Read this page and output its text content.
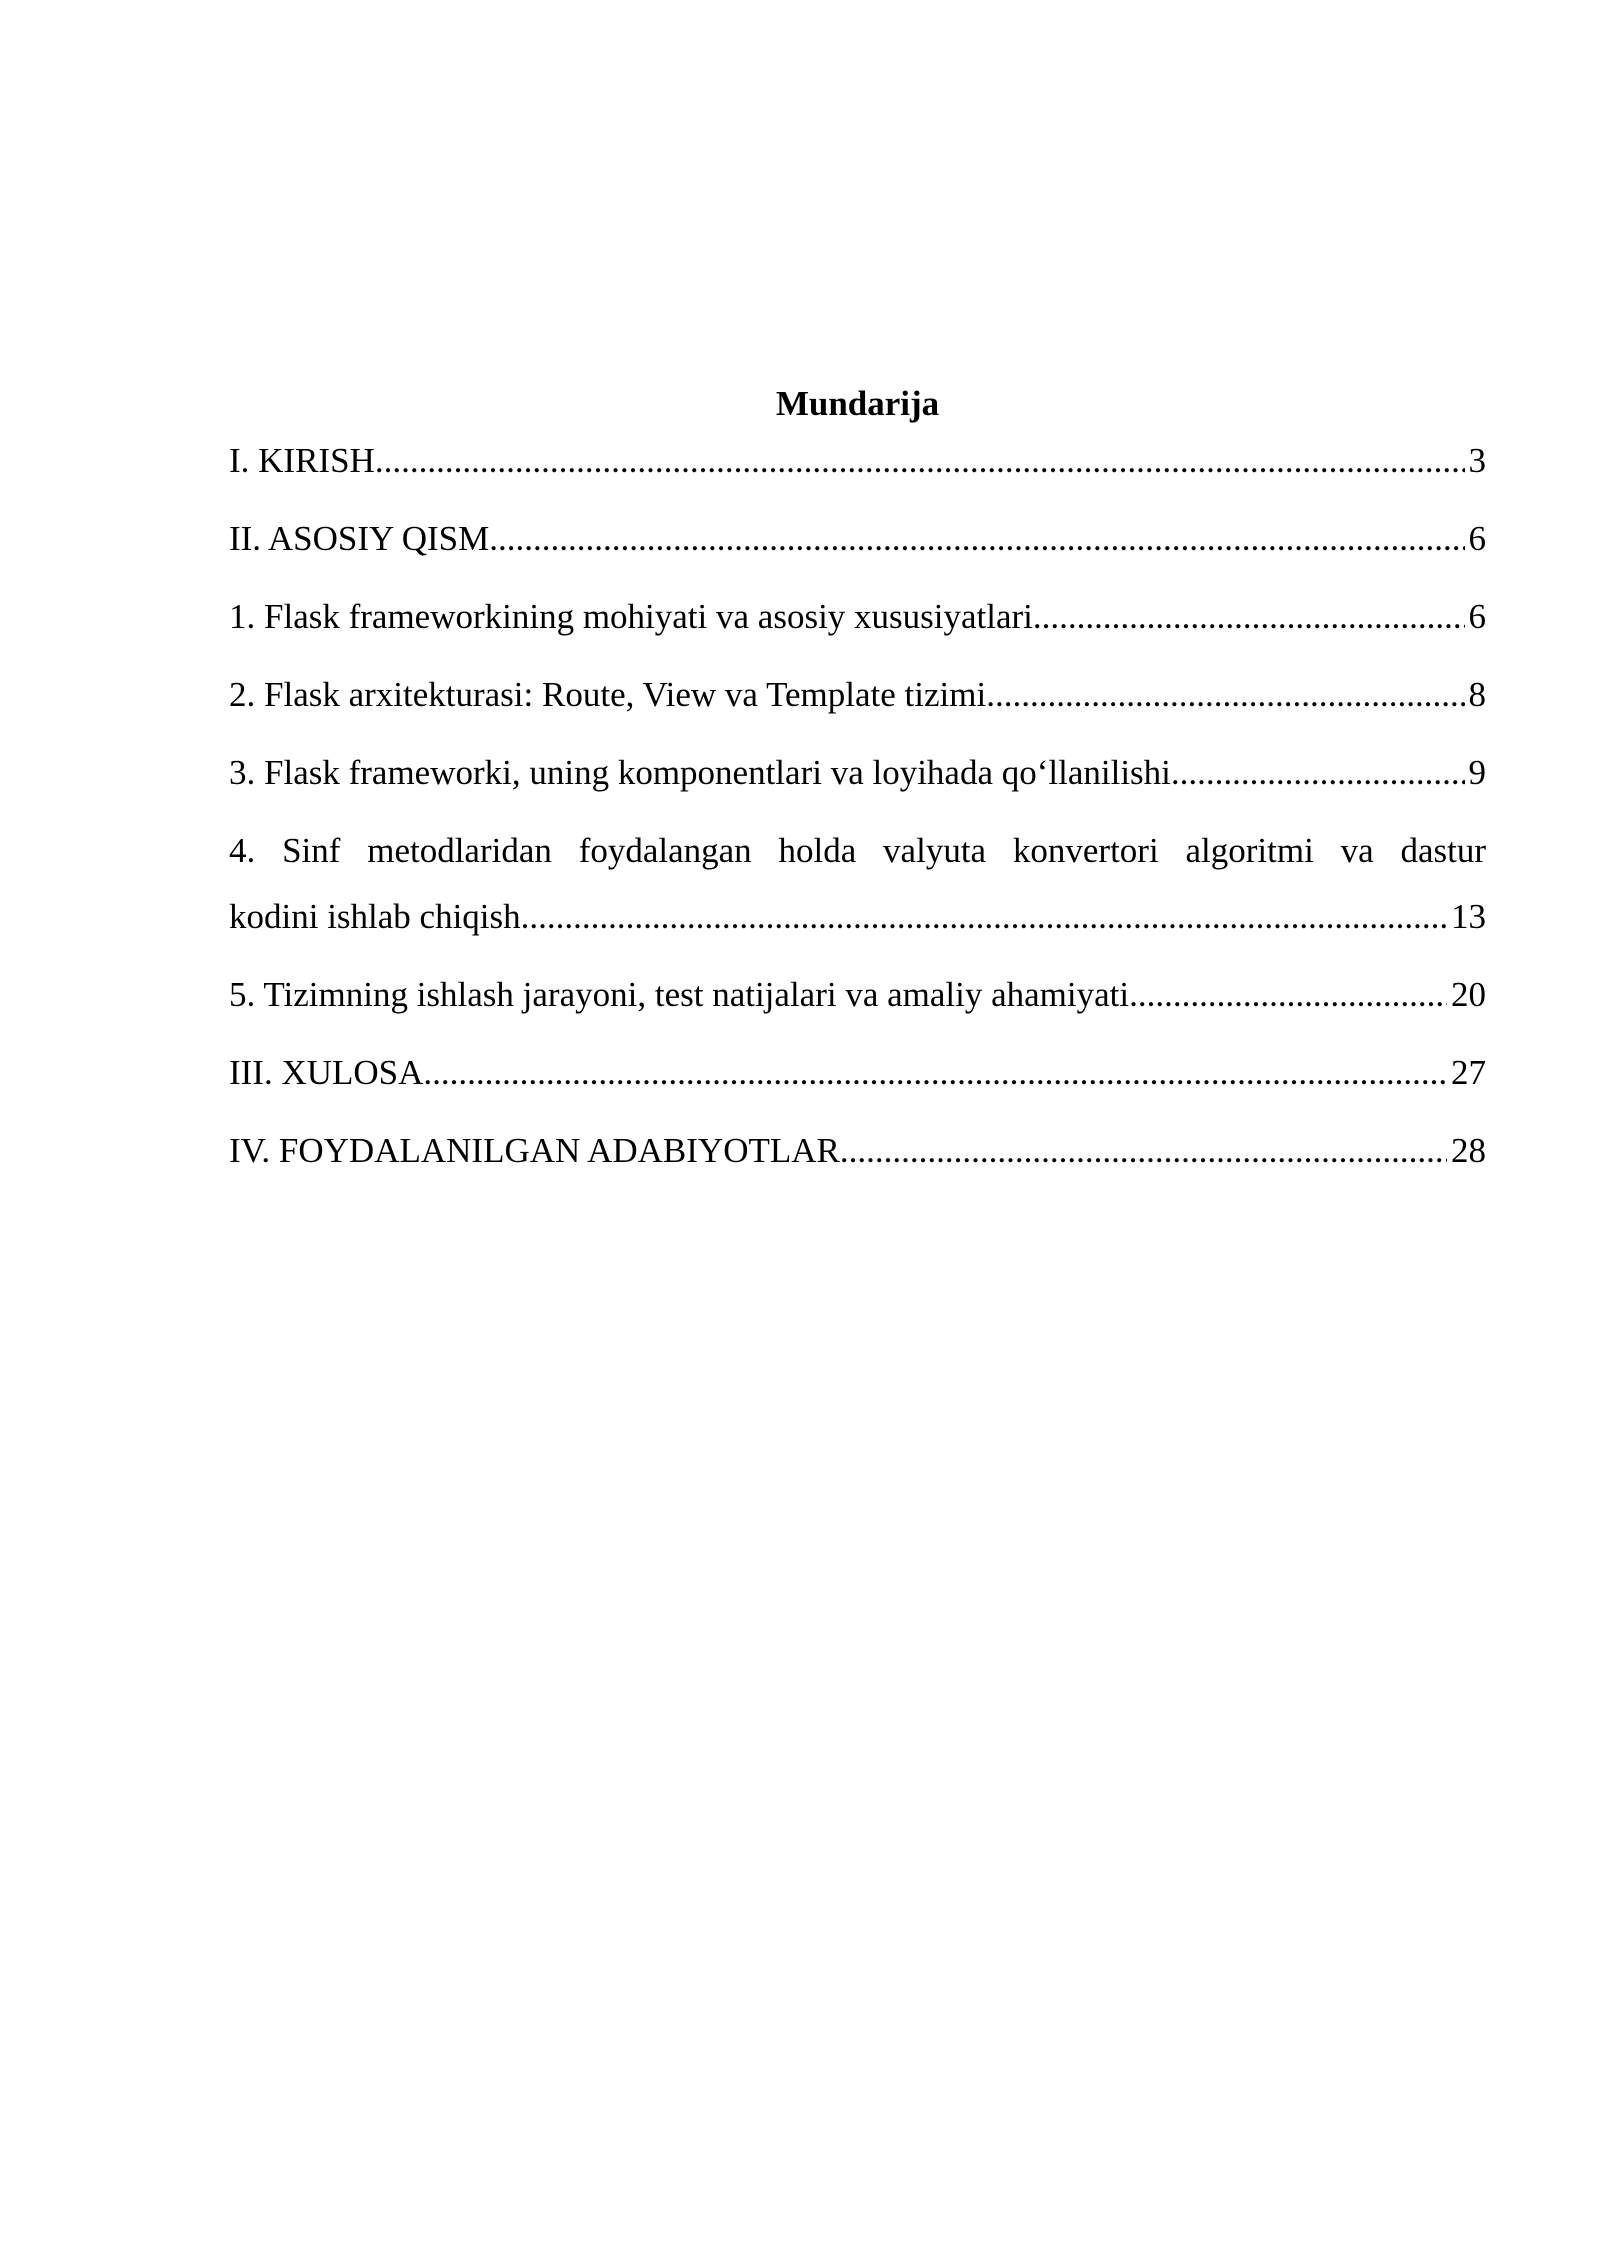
Mundarija
I. KIRISH .....	3
II. ASOSIY QISM .....	6
1. Flask frameworkining mohiyati va asosiy xususiyatlari .....	6
2. Flask arxitekturasi: Route, View va Template tizimi .....	8
3. Flask frameworki, uning komponentlari va loyihada qo‘llanilishi .....	9
4. Sinf metodlaridan foydalangan holda valyuta konvertori algoritmi va dastur
kodini ishlab chiqish .....	13
5. Tizimning ishlash jarayoni, test natijalari va amaliy ahamiyati .....	20
III. XULOSA .....	27
IV. FOYDALANILGAN ADABIYOTLAR .....	28
